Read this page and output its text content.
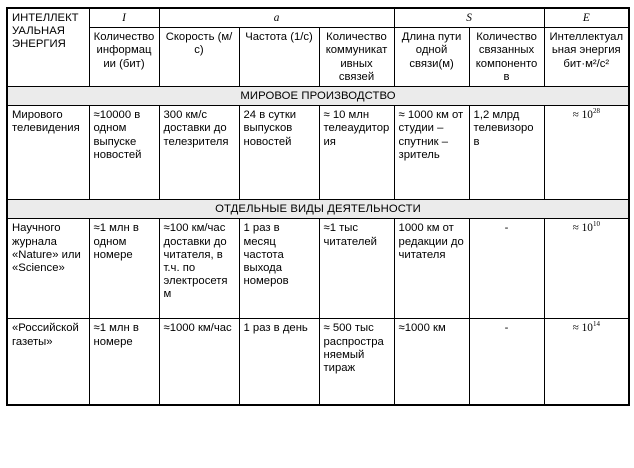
ИНТЕЛЛЕКТУАЛЬНАЯ ЭНЕРГИЯ	I	a			S		E
	Количество информации (бит)	Скорость (м/с)	Частота (1/с)	Количество коммуникативных связей	Длина пути одной связи(м)	Количество связанных компонентов	Интеллектуальная энергия бит·м²/с²
МИРОВОЕ ПРОИЗВОДСТВО							
Мирового телевидения	≈10000 в одном выпуске новостей	300 км/с доставки до телезрителя	24 в сутки выпусков новостей	≈ 10 млн телеаудитория	≈ 1000 км от студии – спутник – зритель	1,2 млрд телевизоров	≈ $10^{28}$
ОТДЕЛЬНЫЕ ВИДЫ ДЕЯТЕЛЬНОСТИ							
Научного журнала «Nature» или «Science»	≈1 млн в одном номере	≈100 км/час доставки до читателя, в т.ч. по электросетям	1 раз в месяц частота выхода номеров	≈1 тыс читателей	1000 км от редакции до читателя	-	≈ $10^{10}$
«Российской газеты»	≈1 млн в номере	≈1000 км/час	1 раз в день	≈ 500 тыс распространяемый тираж	≈1000 км	-	≈ $10^{14}$
